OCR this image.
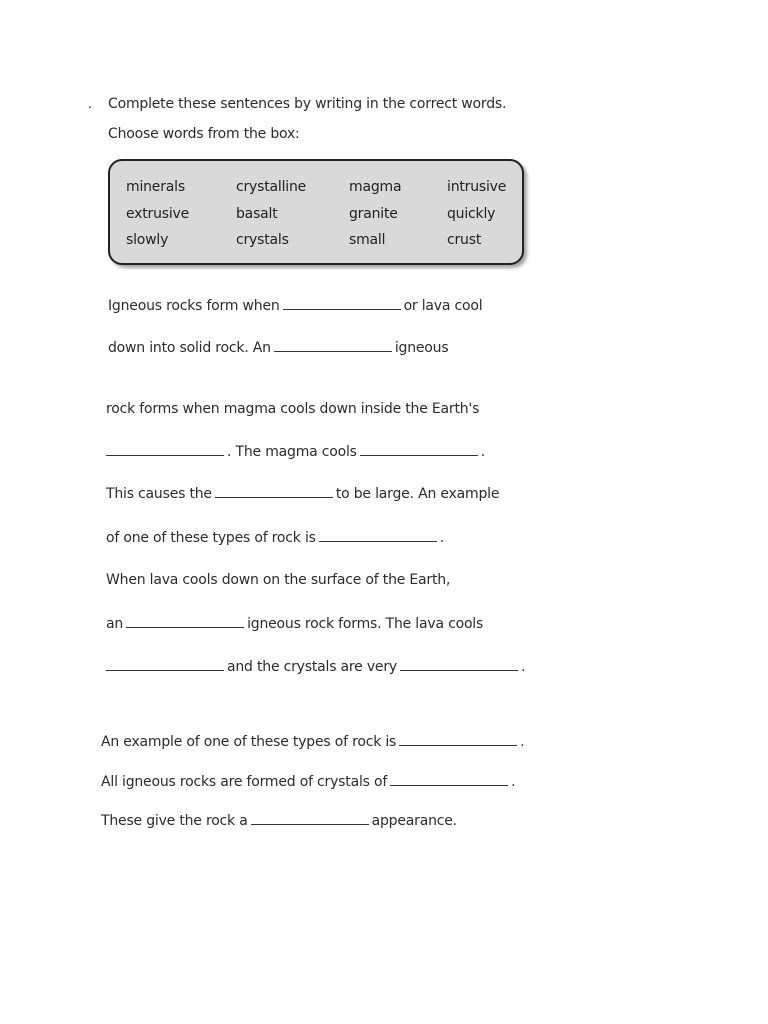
. Complete these sentences by writing in the correct words.
Choose words from the box:
minerals	crystalline	magma	intrusive
extrusive	basalt	granite	quickly
slowly	crystals	small	crust
Igneous rocks form when	or lava cool
down into solid rock. An	igneous
rock forms when magma cools down inside the Earth's
. The magma cools	.
This causes the	to be large. An example
of one of these types of rock is	.
When lava cools down on the surface of the Earth,
an	igneous rock forms. The lava cools
and the crystals are very	.
An example of one of these types of rock is	.
All igneous rocks are formed of crystals of	.
These give the rock a	appearance.
